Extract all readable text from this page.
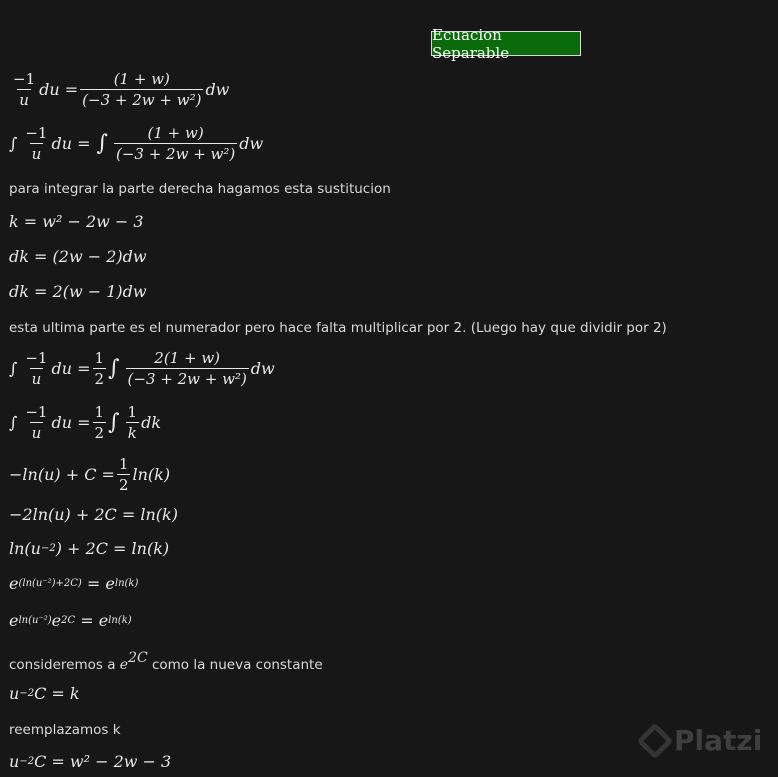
Ecuacion Separable
$\frac{-1}{u}$ du = $\frac{(1 + w)}{\text{(−3 + 2w + w²)}}$ dw
∫ $\frac{-1}{u}$ du = ∫ $\frac{(1 + w)}{\text{(−3 + 2w + w²)}}$ dw
para integrar la parte derecha hagamos esta sustitucion
k = w² − 2w − 3
dk = (2w − 2)dw
dk = 2(w − 1)dw
esta ultima parte es el numerador pero hace falta multiplicar por 2. (Luego hay que dividir por 2)
∫ $\frac{-1}{u}$ du = $\frac{1}{2}$ ∫ $\frac{2(1 + w)}{\text{(−3 + 2w + w²)}}$ dw
∫ $\frac{-1}{u}$ du = $\frac{1}{2}$ ∫ $\frac{1}{k}$ dk
$-\ln(u) + C = \frac{1}{2} \ln(k)$
−2ln(u) + 2C = ln(k)
ln(u −2 ) + 2C = ln(k)
e (ln(u⁻²)+2C) = e ln(k)
e ln(u⁻²) e 2C = e ln(k)
consideremos a $e^{2C}$ como la nueva constante
u −2 C = k
reemplazamos k
u −2 C = w² − 2w − 3
Platzi
